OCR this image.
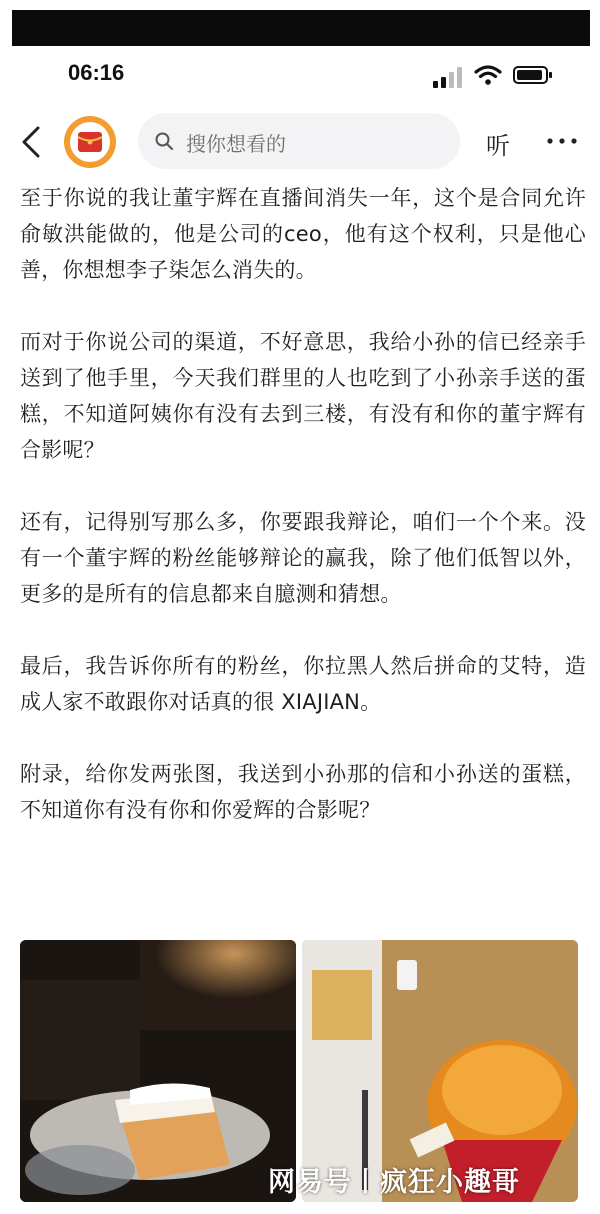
06:16
搜你想看的	听

至于你说的我让董宇辉在直播间消失一年，这个是合同允许俞敏洪能做的，他是公司的ceo，他有这个权利，只是他心善，你想想李子柒怎么消失的。

而对于你说公司的渠道，不好意思，我给小孙的信已经亲手送到了他手里，今天我们群里的人也吃到了小孙亲手送的蛋糕，不知道阿姨你有没有去到三楼，有没有和你的董宇辉有合影呢？

还有，记得别写那么多，你要跟我辩论，咱们一个个来。没有一个董宇辉的粉丝能够辩论的赢我，除了他们低智以外，更多的是所有的信息都来自臆测和猜想。

最后，我告诉你所有的粉丝，你拉黑人然后拼命的艾特，造成人家不敢跟你对话真的很 XIAJIAN。

附录，给你发两张图，我送到小孙那的信和小孙送的蛋糕，不知道你有没有你和你爱辉的合影呢？

网易号丨疯狂小趣哥
